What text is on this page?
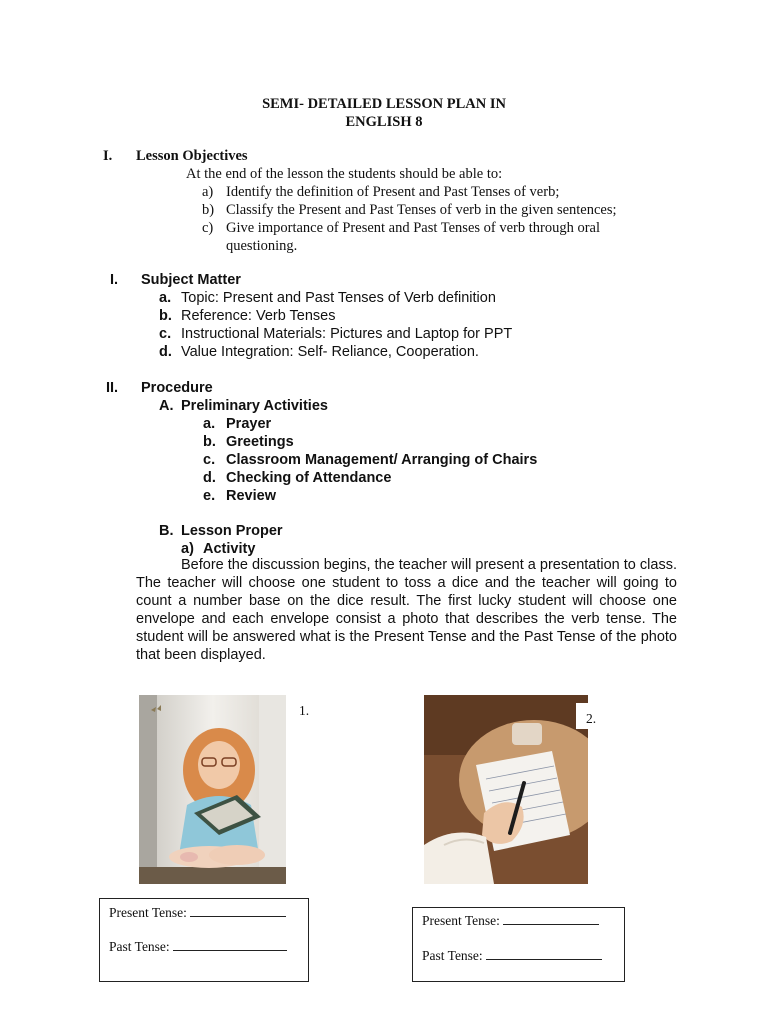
SEMI- DETAILED LESSON PLAN IN
ENGLISH 8
I. Lesson Objectives
At the end of the lesson the students should be able to:
a) Identify the definition of Present and Past Tenses of verb;
b) Classify the Present and Past Tenses of verb in the given sentences;
c) Give importance of Present and Past Tenses of verb through oral
questioning.
I. Subject Matter
a. Topic: Present and Past Tenses of Verb definition
b. Reference: Verb Tenses
c. Instructional Materials: Pictures and Laptop for PPT
d. Value Integration: Self- Reliance, Cooperation.
II. Procedure
A. Preliminary Activities
a. Prayer
b. Greetings
c. Classroom Management/ Arranging of Chairs
d. Checking of Attendance
e. Review
B. Lesson Proper
a) Activity
Before the discussion begins, the teacher will present a presentation to class. The teacher will choose one student to toss a dice and the teacher will going to count a number base on the dice result. The first lucky student will choose one envelope and each envelope consist a photo that describes the verb tense. The student will be answered what is the Present Tense and the Past Tense of the photo that been displayed.
1.
2.
Present Tense:
Past Tense:
Present Tense:
Past Tense:
